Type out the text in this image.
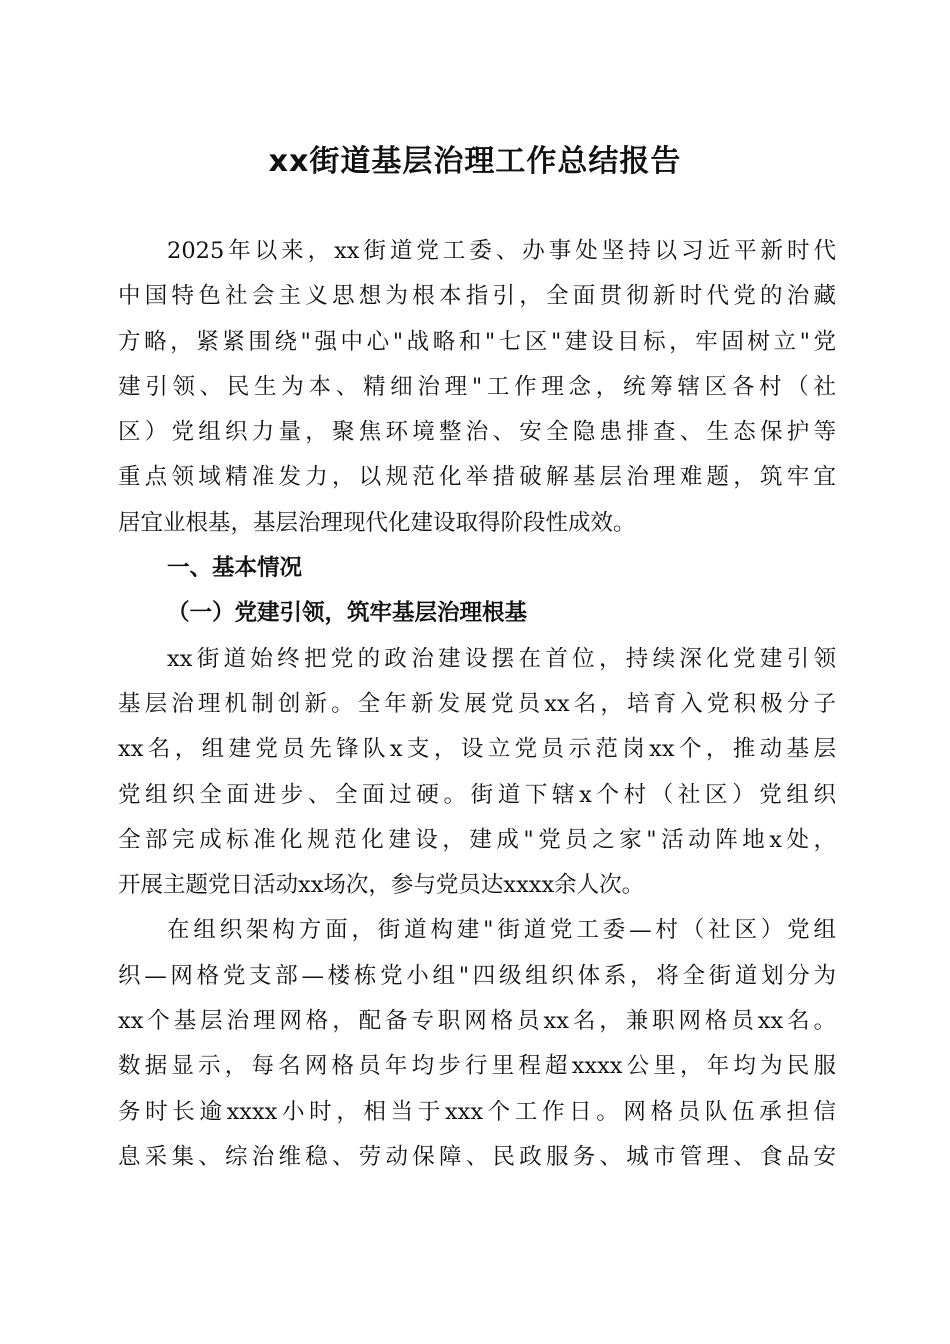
xx街道基层治理工作总结报告
2025年以来，xx街道党工委、办事处坚持以习近平新时代
中国特色社会主义思想为根本指引，全面贯彻新时代党的治藏
方略，紧紧围绕"强中心"战略和"七区"建设目标，牢固树立"党
建引领、民生为本、精细治理"工作理念，统筹辖区各村（社
区）党组织力量，聚焦环境整治、安全隐患排查、生态保护等
重点领域精准发力，以规范化举措破解基层治理难题，筑牢宜
居宜业根基，基层治理现代化建设取得阶段性成效。
一、基本情况
（一）党建引领，筑牢基层治理根基
xx街道始终把党的政治建设摆在首位，持续深化党建引领
基层治理机制创新。全年新发展党员xx名，培育入党积极分子
xx名，组建党员先锋队x支，设立党员示范岗xx个，推动基层
党组织全面进步、全面过硬。街道下辖x个村（社区）党组织
全部完成标准化规范化建设，建成"党员之家"活动阵地x处，
开展主题党日活动xx场次，参与党员达xxxx余人次。
在组织架构方面，街道构建"街道党工委—村（社区）党组
织—网格党支部—楼栋党小组"四级组织体系，将全街道划分为
xx个基层治理网格，配备专职网格员xx名，兼职网格员xx名。
数据显示，每名网格员年均步行里程超xxxx公里，年均为民服
务时长逾xxxx小时，相当于xxx个工作日。网格员队伍承担信
息采集、综治维稳、劳动保障、民政服务、城市管理、食品安
